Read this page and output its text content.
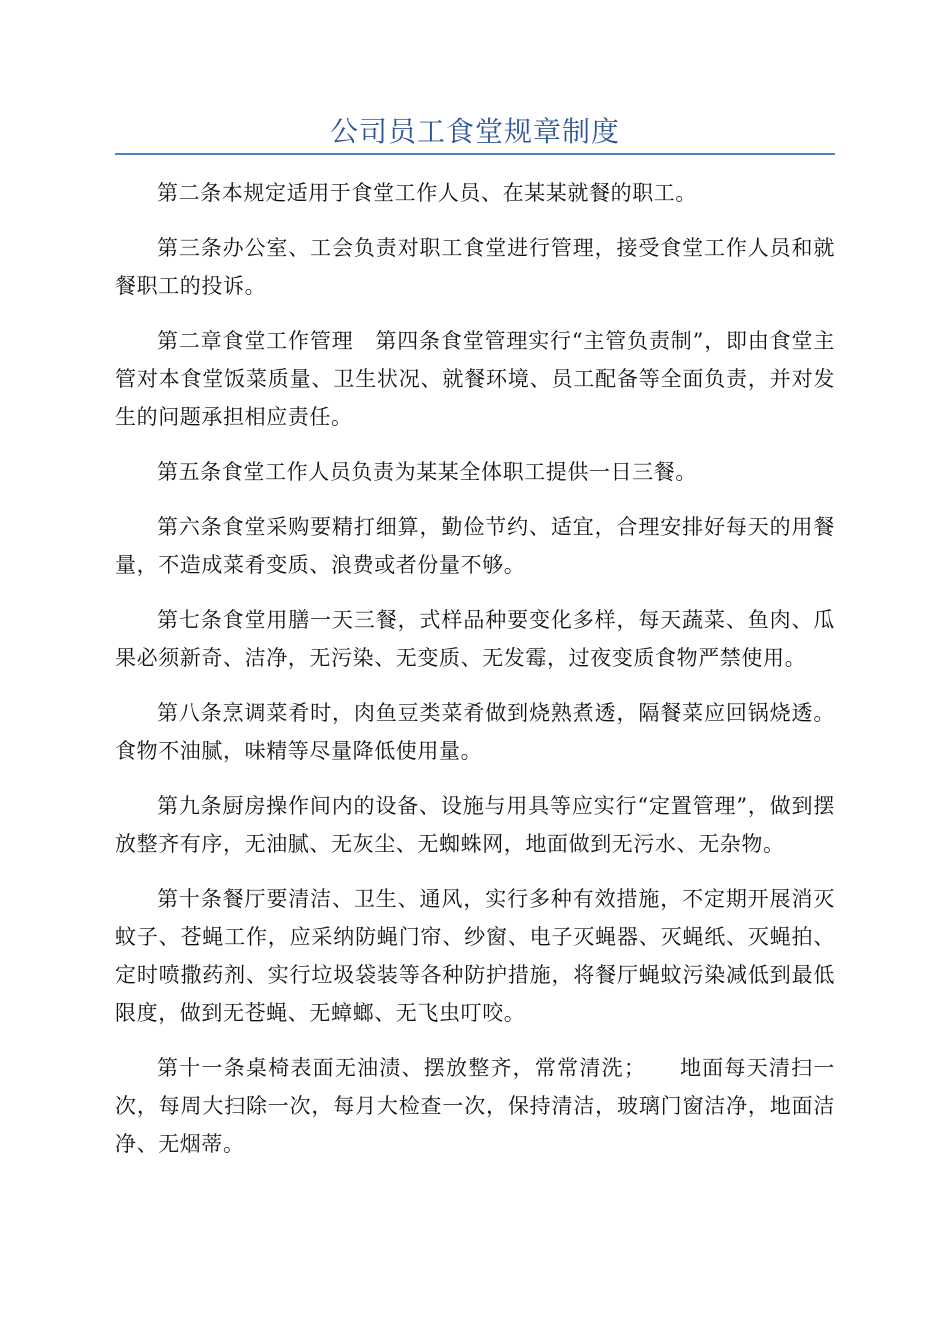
公司员工食堂规章制度

第二条本规定适用于食堂工作人员、在某某就餐的职工。

第三条办公室、工会负责对职工食堂进行管理，接受食堂工作人员和就餐职工的投诉。

第二章食堂工作管理　第四条食堂管理实行“主管负责制”，即由食堂主管对本食堂饭菜质量、卫生状况、就餐环境、员工配备等全面负责，并对发生的问题承担相应责任。

第五条食堂工作人员负责为某某全体职工提供一日三餐。

第六条食堂采购要精打细算，勤俭节约、适宜，合理安排好每天的用餐量，不造成菜肴变质、浪费或者份量不够。

第七条食堂用膳一天三餐，式样品种要变化多样，每天蔬菜、鱼肉、瓜果必须新奇、洁净，无污染、无变质、无发霉，过夜变质食物严禁使用。

第八条烹调菜肴时，肉鱼豆类菜肴做到烧熟煮透，隔餐菜应回锅烧透。食物不油腻，味精等尽量降低使用量。

第九条厨房操作间内的设备、设施与用具等应实行“定置管理”，做到摆放整齐有序，无油腻、无灰尘、无蜘蛛网，地面做到无污水、无杂物。

第十条餐厅要清洁、卫生、通风，实行多种有效措施，不定期开展消灭蚊子、苍蝇工作，应采纳防蝇门帘、纱窗、电子灭蝇器、灭蝇纸、灭蝇拍、定时喷撒药剂、实行垃圾袋装等各种防护措施，将餐厅蝇蚊污染减低到最低限度，做到无苍蝇、无蟑螂、无飞虫叮咬。

第十一条桌椅表面无油渍、摆放整齐，常常清洗；　　地面每天清扫一次，每周大扫除一次，每月大检查一次，保持清洁，玻璃门窗洁净，地面洁净、无烟蒂。
